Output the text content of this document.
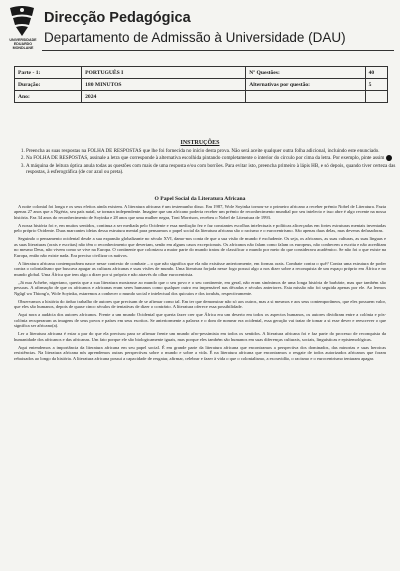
UNIVERSIDADE
EDUARDO
MONDLANE
Direcção Pedagógica
Departamento de Admissão à Universidade (DAU)
Parte - 1:	PORTUGUÊS I	Nº Questões:	40
Duração:	180 MINUTOS	Alternativas por questão:	5
Ano:	2024		
INSTRUÇÕES
1. Preencha as suas respostas na FOLHA DE RESPOSTAS que lhe foi fornecida no início desta prova. Não será aceite qualquer outra folha adicional, incluindo este enunciado.
2. Na FOLHA DE RESPOSTAS, assinale a letra que corresponde à alternativa escolhida pintando completamente o interior do círculo por cima da letra. Por exemplo, pinte assim
3. A máquina de leitura óptica anula todas as questões com mais de uma resposta e/ou com borrões. Para evitar isto, preencha primeiro à lápis HB, e só depois, quando tiver certeza das respostas, à esferográfica (de cor azul ou preta).
O Papel Social da Literatura Africana

A noite colonial foi longa e os seus efeitos ainda existem. A literatura africana é um testemunho disso. Em 1987, Wole Soyinka tornou-se o primeiro africano a receber prémio Nobel de Literatura. Fazia apenas 27 anos que a Nigéria, seu país natal, se tornara independente. Imagine que um africano poderia receber um prémio de reconhecimento mundial por seu intelecto e isso abre é algo recente na nossa história. Faz 34 anos do reconhecimento de Soyinka e 28 anos que uma mulher negra, Toni Morrison, recebeu o Nobel de Literatura de 1993.

A nossa história foi e, em muitos sentidos, continua a ser mediada pelo Ocidente e essa mediação fez e faz constantes escolhas intelectuais e políticas alicerçadas em fortes estruturas mentais inventadas pelo próprio Ocidente. Duas marcantes ideias dessa estrutura mental para pensarmos o papel social da literatura africana são o racismo e o eurocentrismo. São apenas duas delas, mas deveras defasadoras.

Seguindo o pensamento ocidental desde a sua expansão globalizante no século XVI, damo-nos conta de que a sua visão de mundo é excludente. Os seja, os africanos, as suas culturas, as suas línguas e as suas literaturas (orais e escritas) não têm o reconhecimento que deveriam, senão em alguns casos excepcionais. Os africanos não falam como falam os europeus, não conhecem a escrita e não acreditam no mesmo Deus, não vivem como se vive na Europa. O continente que colonizou a maior parte do mundo tratou de classificar o mundo por meio do que considerava académico. Se não foi o que existe na Europa, então não existe nada. Era preciso civilizar os nativos.

A literatura africana contemporânea nasce nesse contexto de combate – o que não significa que ela não existisse anteriormente, em formas orais. Combate contra o quê? Contra uma estrutura de poder contra o colonialismo que buscava apagar as culturas africanas e suas visões de mundo. Uma literatura forjada nesse fogo possui algo a nos dizer sobre a reconquista de um espaço próprio em África e no mundo global. Uma África que tem algo a dizer por si própria e não através do olhar eurocentrista.

„Já nua Achebe, nigeriano, queria que a sua literatura mostrasse ao mundo que o seu povo e o seu continente, em geral, não eram sinónimos de uma longa história de barbárie, mas que também são pessoas. A afirmação de que os africanos e africanas eram seres humanos como qualquer outro era impensável nas décadas e séculos anteriores. Esta missão não foi seguida apenas por ele. Ao lermos Ngũgĩ wa Thiong'o, Wole Soyinka, estaremos a conhecer o mundo social e intelectual dos quicuios e dos iorubás, respectivamente.

Observamos a história do árduo trabalho de autores que precisam de se afirmar como tal. Em ter que demonstrar não só aos outros, mas a si mesmos e aos seus contemporâneos, que eles possuem valor, que eles são humanos, depois de quase cinco séculos de tentativas de dizer o contrário. A literatura oferece essa possibilidade.

Aqui nora a audácia dos autores africanos. Frente a um mundo Ocidental que queria fazer crer que África era um deserto em todos os aspectos humanos, os autores dividiram entre a colónia e pós-colónia recuperaram as imagens de seus povos e países em seus escritos. Se anteriormente a palavra e o dom de nomear era ocidental, essa geração vai tratar de tomar a si esse dever e reescrever o que significa ser africano(a).

Ler a literatura africana é estar a par do que ela precisou para se afirmar frente um mundo afro-pessimista em todos os sentidos. A literatura africana foi e faz parte do processo de reconquista da humanidade dos africanos e das africanas. Um fato porque ele são biologicamente iguais, mas porque eles também são humanos em suas diferenças culturais, sociais, linguísticas e epistemológicas.

Aqui entendemos a importância da literatura africana em seu papel social. É em grande parte da literatura africana que encontramos a perspectiva dos dominados, das minorias e suas heroicas resistências. Na literatura africana nós aprendemos outras perspectivas sobre o mundo e sobre a vida. É na literatura africana que encontramos o resgate de todos autorizados africanos que foram rebaixados ao longo da história. A literatura africana possui a capacidade de resgatar, afirmar, celebrar e fazer à vida o que o colonialismo, a escravidão, o racismo e o eurocentrismo tentaram apagar.
